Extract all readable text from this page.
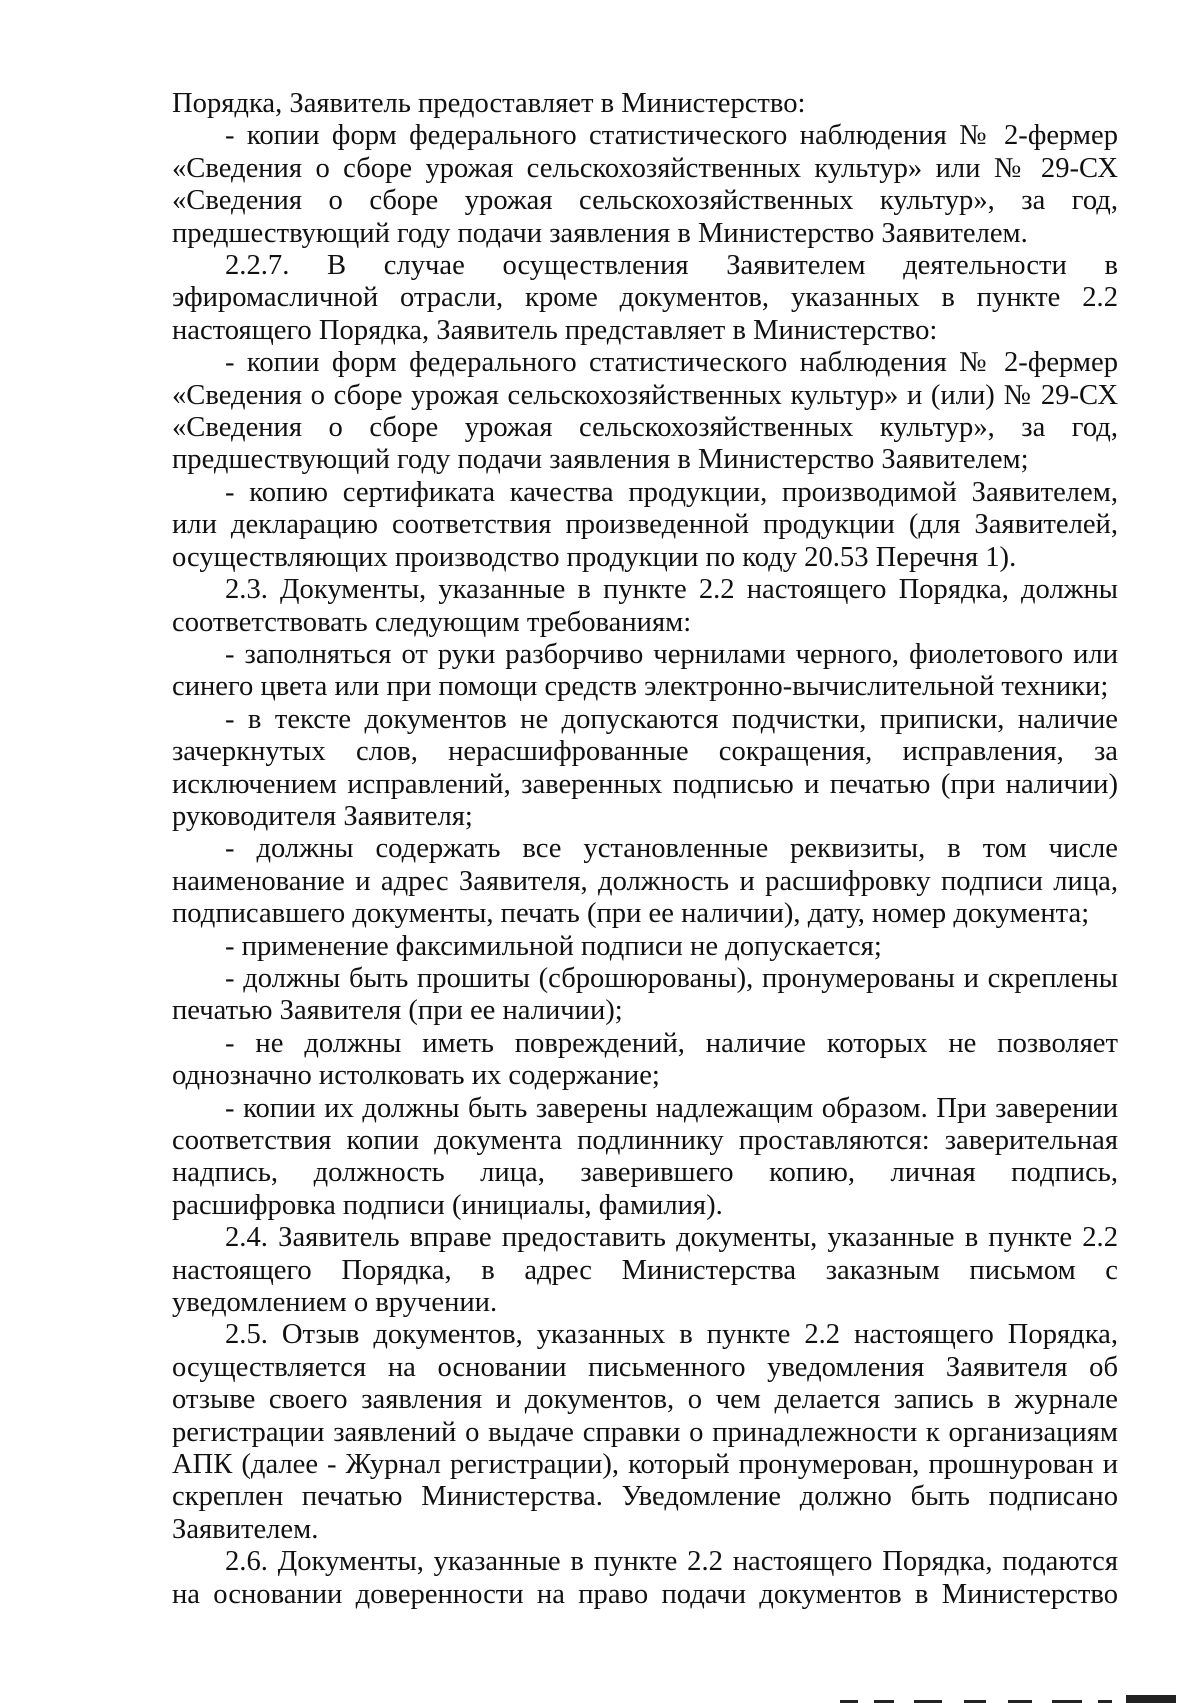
Порядка, Заявитель предоставляет в Министерство:

- копии форм федерального статистического наблюдения № 2-фермер «Сведения о сборе урожая сельскохозяйственных культур» или № 29-СХ «Сведения о сборе урожая сельскохозяйственных культур», за год, предшествующий году подачи заявления в Министерство Заявителем.

2.2.7. В случае осуществления Заявителем деятельности в эфиромасличной отрасли, кроме документов, указанных в пункте 2.2 настоящего Порядка, Заявитель представляет в Министерство:

- копии форм федерального статистического наблюдения № 2-фермер «Сведения о сборе урожая сельскохозяйственных культур» и (или) № 29-СХ «Сведения о сборе урожая сельскохозяйственных культур», за год, предшествующий году подачи заявления в Министерство Заявителем;

- копию сертификата качества продукции, производимой Заявителем, или декларацию соответствия произведенной продукции (для Заявителей, осуществляющих производство продукции по коду 20.53 Перечня 1).

2.3. Документы, указанные в пункте 2.2 настоящего Порядка, должны соответствовать следующим требованиям:

- заполняться от руки разборчиво чернилами черного, фиолетового или синего цвета или при помощи средств электронно-вычислительной техники;

- в тексте документов не допускаются подчистки, приписки, наличие зачеркнутых слов, нерасшифрованные сокращения, исправления, за исключением исправлений, заверенных подписью и печатью (при наличии) руководителя Заявителя;

- должны содержать все установленные реквизиты, в том числе наименование и адрес Заявителя, должность и расшифровку подписи лица, подписавшего документы, печать (при ее наличии), дату, номер документа;

- применение факсимильной подписи не допускается;

- должны быть прошиты (сброшюрованы), пронумерованы и скреплены печатью Заявителя (при ее наличии);

- не должны иметь повреждений, наличие которых не позволяет однозначно истолковать их содержание;

- копии их должны быть заверены надлежащим образом. При заверении соответствия копии документа подлиннику проставляются: заверительная надпись, должность лица, заверившего копию, личная подпись, расшифровка подписи (инициалы, фамилия).

2.4. Заявитель вправе предоставить документы, указанные в пункте 2.2 настоящего Порядка, в адрес Министерства заказным письмом с уведомлением о вручении.

2.5. Отзыв документов, указанных в пункте 2.2 настоящего Порядка, осуществляется на основании письменного уведомления Заявителя об отзыве своего заявления и документов, о чем делается запись в журнале регистрации заявлений о выдаче справки о принадлежности к организациям АПК (далее - Журнал регистрации), который пронумерован, прошнурован и скреплен печатью Министерства. Уведомление должно быть подписано Заявителем.

2.6. Документы, указанные в пункте 2.2 настоящего Порядка, подаются на основании доверенности на право подачи документов в Министерство
